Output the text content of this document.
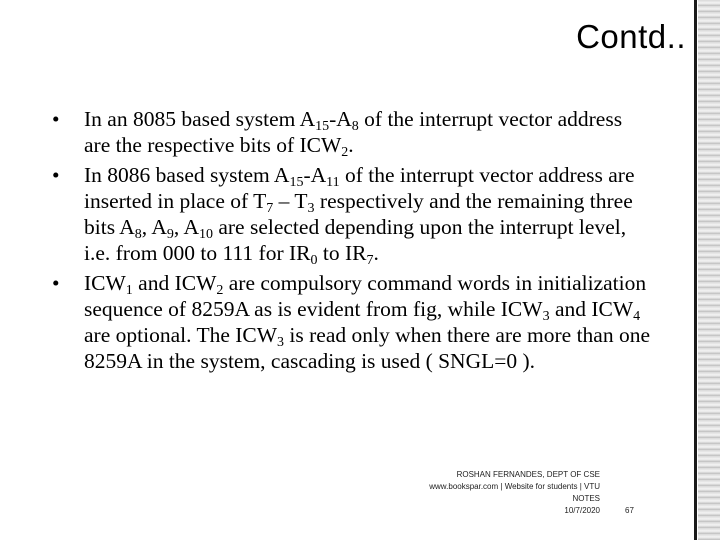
Contd..
• In an 8085 based system $A_{15}-A_8$ of the interrupt vector address are the respective bits of $ICW_2$.
• In 8086 based system $A_{15}-A_{11}$ of the interrupt vector address are inserted in place of $T_7 - T_3$ respectively and the remaining three bits $A_8$, $A_9$, $A_{10}$ are selected depending upon the interrupt level, i.e. from 000 to 111 for $IR_0$ to $IR_7$.
• $ICW_1$ and $ICW_2$ are compulsory command words in initialization sequence of 8259A as is evident from fig, while $ICW_3$ and $ICW_4$ are optional. The $ICW_3$ is read only when there are more than one 8259A in the system, cascading is used ( SNGL=0 ).
ROSHAN FERNANDES, DEPT OF CSE
www.bookspar.com | Website for students | VTU
NOTES
10/7/2020	67
